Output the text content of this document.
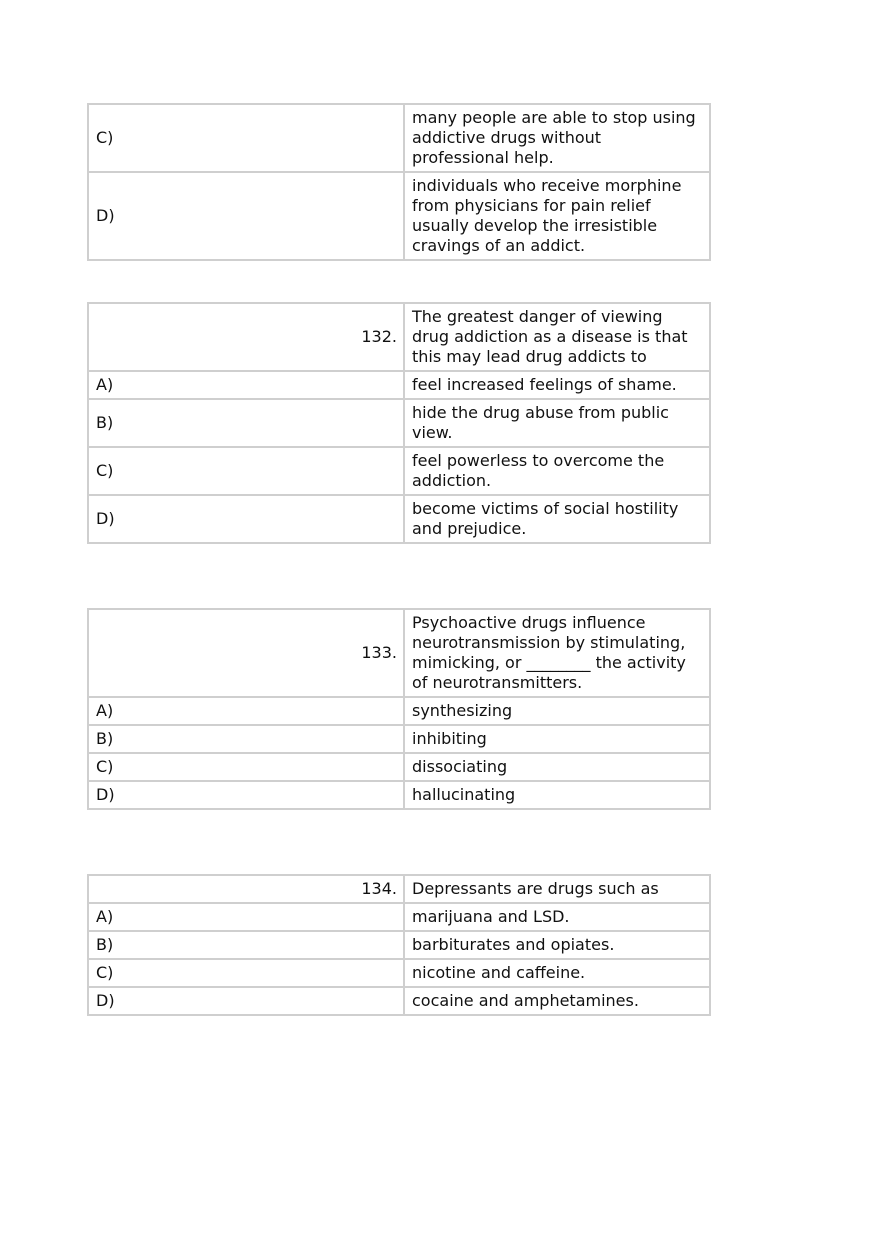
C)	many people are able to stop using addictive drugs without professional help.
D)	individuals who receive morphine from physicians for pain relief usually develop the irresistible cravings of an addict.
132.	The greatest danger of viewing drug addiction as a disease is that this may lead drug addicts to
A)	feel increased feelings of shame.
B)	hide the drug abuse from public view.
C)	feel powerless to overcome the addiction.
D)	become victims of social hostility and prejudice.
133.	Psychoactive drugs influence neurotransmission by stimulating, mimicking, or ________ the activity of neurotransmitters.
A)	synthesizing
B)	inhibiting
C)	dissociating
D)	hallucinating
134.	Depressants are drugs such as
A)	marijuana and LSD.
B)	barbiturates and opiates.
C)	nicotine and caffeine.
D)	cocaine and amphetamines.
